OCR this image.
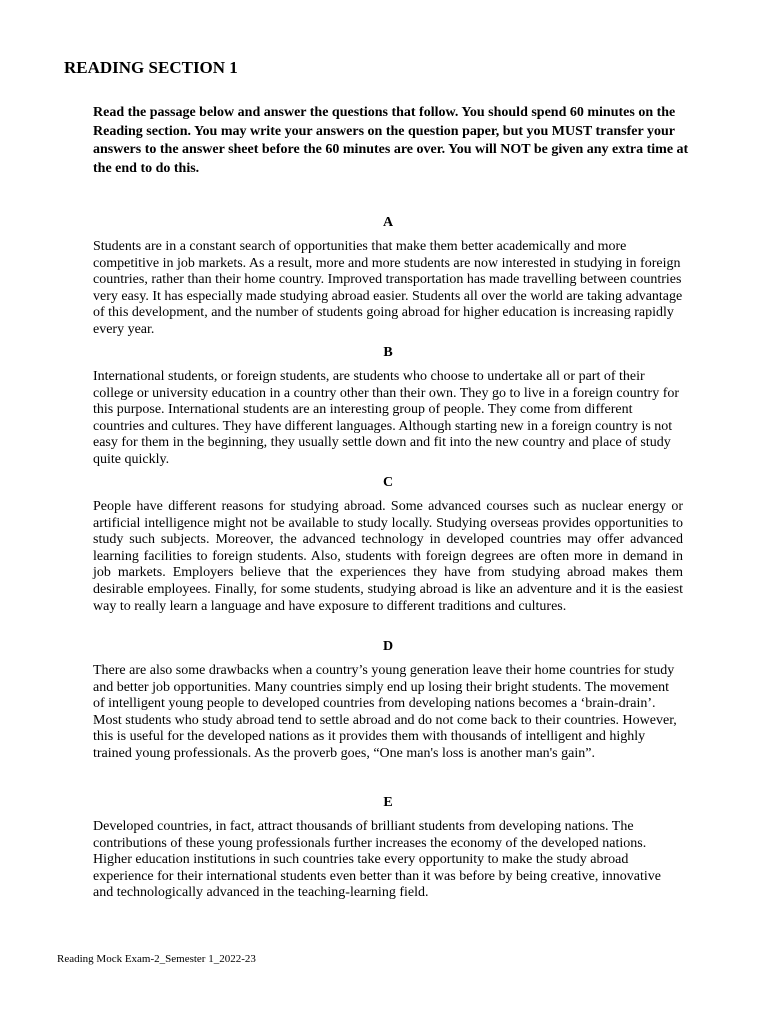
READING SECTION 1

Read the passage below and answer the questions that follow. You should spend 60 minutes on the Reading section. You may write your answers on the question paper, but you MUST transfer your answers to the answer sheet before the 60 minutes are over. You will NOT be given any extra time at the end to do this.

A

Students are in a constant search of opportunities that make them better academically and more competitive in job markets. As a result, more and more students are now interested in studying in foreign countries, rather than their home country. Improved transportation has made travelling between countries very easy. It has especially made studying abroad easier. Students all over the world are taking advantage of this development, and the number of students going abroad for higher education is increasing rapidly every year.

B

International students, or foreign students, are students who choose to undertake all or part of their college or university education in a country other than their own. They go to live in a foreign country for this purpose. International students are an interesting group of people. They come from different countries and cultures. They have different languages. Although starting new in a foreign country is not easy for them in the beginning, they usually settle down and fit into the new country and place of study quite quickly.

C

People have different reasons for studying abroad. Some advanced courses such as nuclear energy or artificial intelligence might not be available to study locally. Studying overseas provides opportunities to study such subjects. Moreover, the advanced technology in developed countries may offer advanced learning facilities to foreign students. Also, students with foreign degrees are often more in demand in job markets. Employers believe that the experiences they have from studying abroad makes them desirable employees. Finally, for some students, studying abroad is like an adventure and it is the easiest way to really learn a language and have exposure to different traditions and cultures.

D

There are also some drawbacks when a country’s young generation leave their home countries for study and better job opportunities. Many countries simply end up losing their bright students. The movement of intelligent young people to developed countries from developing nations becomes a ‘brain-drain’. Most students who study abroad tend to settle abroad and do not come back to their countries. However, this is useful for the developed nations as it provides them with thousands of intelligent and highly trained young professionals. As the proverb goes, “One man's loss is another man's gain”.

E

Developed countries, in fact, attract thousands of brilliant students from developing nations. The contributions of these young professionals further increases the economy of the developed nations. Higher education institutions in such countries take every opportunity to make the study abroad experience for their international students even better than it was before by being creative, innovative and technologically advanced in the teaching-learning field.

Reading Mock Exam-2_Semester 1_2022-23
